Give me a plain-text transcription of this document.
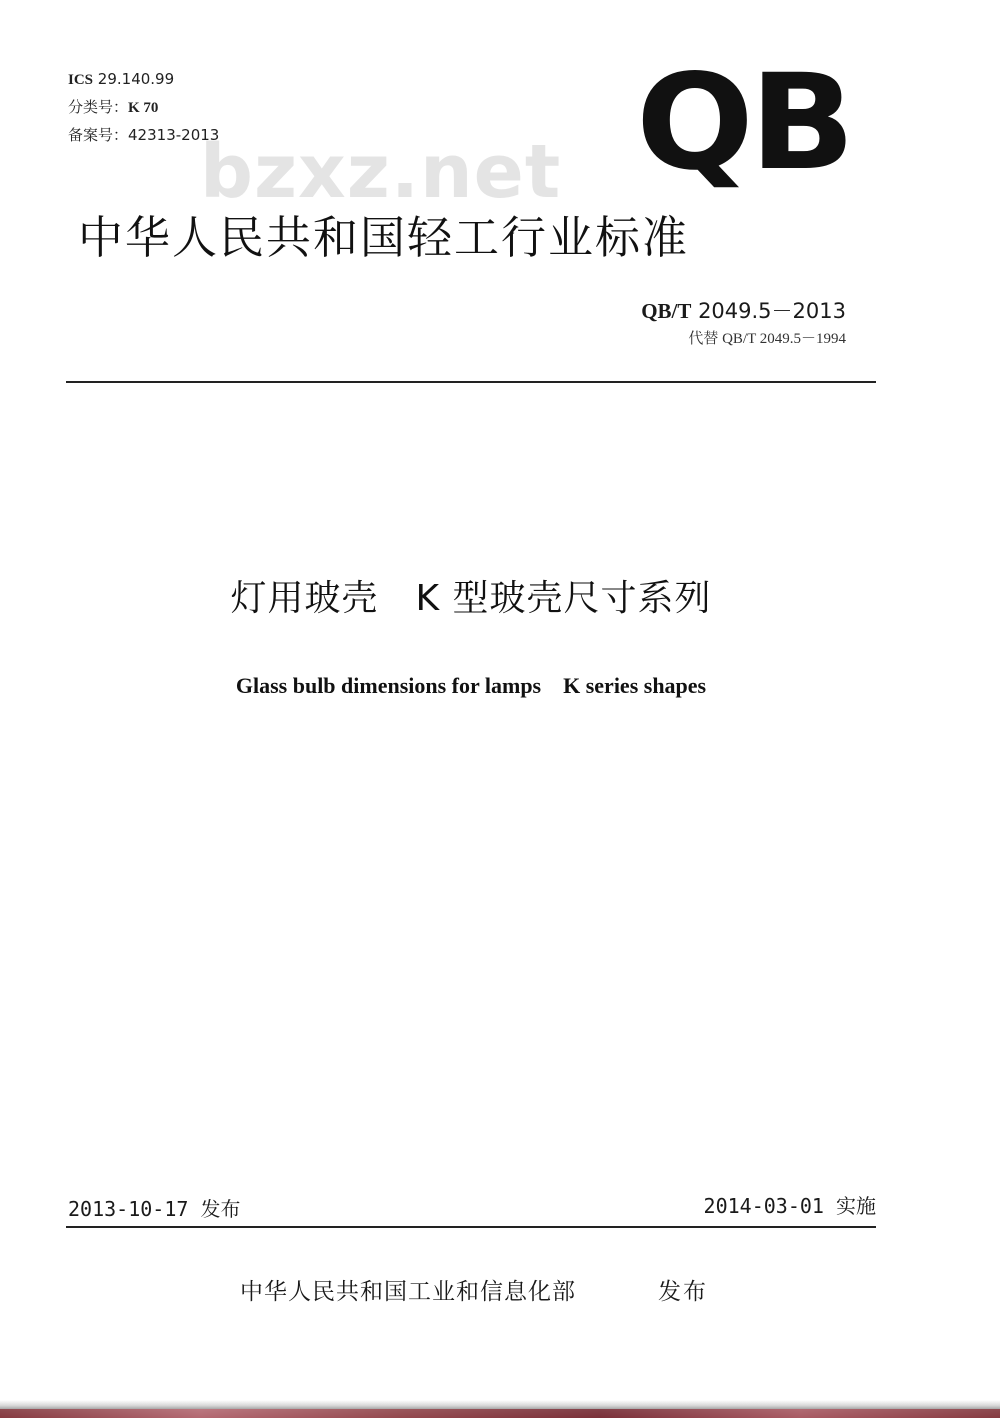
ICS 29.140.99
分类号：K 70
备案号：42313-2013	QB
bzxz.net
中华人民共和国轻工行业标准
QB/T 2049.5－2013
代替 QB/T 2049.5－1994
灯用玻壳　K 型玻壳尺寸系列
Glass bulb dimensions for lamps    K series shapes
2013-10-17 发布	2014-03-01 实施
中华人民共和国工业和信息化部	发布
